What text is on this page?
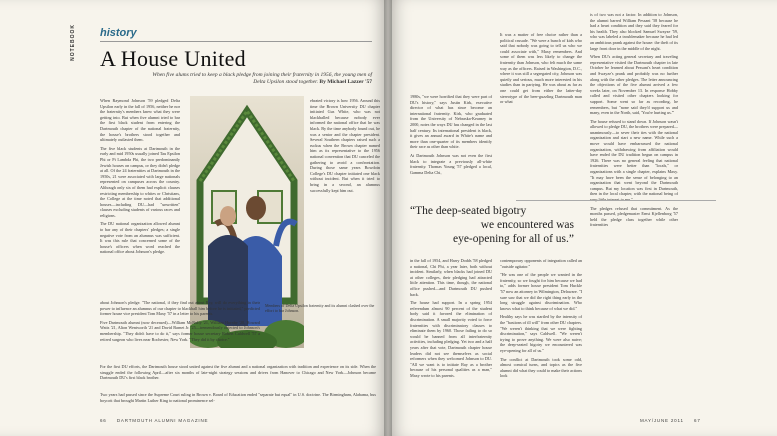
NOTEBOOK history
A House United
When five alums tried to keep a black pledge from joining their fraternity in 1956, the young men of Delta Upsilon stood together. By Michael Lazzer '57

When Raymond Johnson '59 pledged Delta Upsilon early in the fall of 1956, neither he nor the fraternity's members knew what they were getting into. But when five alumni tried to bar the first black student from entering the Dartmouth chapter of the national fraternity, the house's brothers stood together and ultimately outlasted them.

The five black students at Dartmouth in the early and mid 1950s usually joined Tau Epsilon Phi or Pi Lambda Phi, the two predominantly Jewish houses on campus, or they didn't pledge at all. Of the 24 fraternities at Dartmouth in the 1950s, 21 were associated with large nationals represented on campuses across the country. Although only six of them had explicit clauses restricting membership to whites or Christians, the College at the time noted that additional houses—including DU—had "unwritten" clauses excluding students of various races and religions.

The DU national organization allowed alumni to bar any of their chapters' pledges; a single negative vote from an alumnus was sufficient. It was this rule that concerned some of the house's officers when word reached the national office about Johnson's pledge.

ebrated victory is how 1956. Around this time the Brown University DU chapter initiated Gus White, who was not blackballed because nobody ever informed the national office that he was black. By the time anybody found out, he was a senior and the chapter president. Several Southern chapters raised such a ruckus when the Brown chapter named him as its representative to the 1956 national convention that DU canceled the gathering to avoid a confrontation. During those same years Bowdoin College's DU chapter initiated one black without incident. But when it tried to bring in a second, an alumnus successfully kept him out.

about Johnson's pledge. "The national, if they find out about Ray, will do everything in their power to influence an alumnus of our chapter to blackball him before he is initiated," predicted former house vice president Tom Maxy '57 in a letter to his parents.

Five Dartmouth alumni (now deceased)—William McNulty '21, William Hornby '20, Howard Watts '21, Alton Wentworth '21 and David Barnet Jr. '25—tremendously objected to Johnson's membership. "They didn't have to do it," says former house secretary Robert Caldwell '57 a retired surgeon who lives near Rochester, New York. "They did it by choice."

Members of Delta Upsilon fraternity and its alumni clashed over the effort to bar Johnson.

For the first DU efforts, the Dartmouth house stood united against the five alumni and a national organization with tradition and experience on its side. When the struggle ended the following April—after six months of late-night strategy sessions and drives from Hanover to Chicago and New York—Johnson became Dartmouth DU's first black brother.

Two years had passed since the Supreme Court ruling in Brown v. Board of Education ended "separate but equal" in U.S. doctrine. The Birmingham, Alabama, bus boycott that brought Martin Luther King to national prominence sel-

66 DARTMOUTH ALUMNI MAGAZINE

1980s, "we were horrified that they were part of DU's history," says Justin Kirk, executive director of what has since become an international fraternity. Kirk, who graduated from the University of Nebraska-Kearney in 2000, notes the ways DU has changed in the last half century. Its international president is black, it gives an annual award in White's name and more than one-quarter of its members identify their race as other than white.

At Dartmouth Johnson was not even the first black to integrate a previously all-white fraternity. Thomas Young '57 pledged a local, Gamma Delta Chi,

It was a matter of free choice rather than a political crusade. "We were a bunch of kids who said that nobody was going to tell us who we could associate with," Maxy remembers. And some of them was less likely to change the fraternity than Johnson, who felt much the same way as the officers. Raised in Washington, D.C., where it was still a segregated city, Johnson was quietly and serious, much more interested in his studies than in partying. He was about as far as one could get from either the latter-day stereotype of the beer-guzzling Dartmouth man or what

is of two was not a factor. In addition to Johnson, the alumni barred William Pessant '58 because he had a heart condition and they said they feared for his health. They also blocked Samuel Swayze '59, who was labeled a troublemaker because he had led an ambitious prank against the house: the theft of its large front door in the middle of the night.

When DU's acting general secretary and traveling representative visited the Dartmouth chapter in late October he learned about Pessant's heart condition and Swayze's prank and probably was no further along with the other pledges. The letter announcing the objections of the five alumni arrived a few weeks later, on November 13. In response Hobby called and visited other chapters looking for support. Some went so far as recording, he remembers, but "none said they'd support us and many, even in the North, said, 'You're hurting us.'"

The house refused to stand down. If Johnson wasn't allowed to pledge DU, the brothers were prepared—unanimously—to sever their ties with the national organization and start a new name. While such a move would have embarrassed the national organization, withdrawing from affiliation would have ended the DU tradition begun on campus in 1926. There was no general feeling that national fraternities were better than "locals," or organizations with a single chapter, explains Maxy. "It may have been the sense of belonging to an organization that went beyond the Dartmouth campus. But my location was first in Dartmouth, then in the local chapter, with the national being of

The pledges refused that commitment. As the months passed, pledgemaster Ernst Kjellenborg '57 held the pledge class together while other fraternities

“The deep-seated bigotry
we encountered was
eye-opening for all of us.”

in the fall of 1954, and Harry Dodds '58 pledged a national, Chi Phi, a year later, both without incident. Similarly, when blacks had joined DU at other colleges, their pledging had attracted little attention. This time, though, the national office pushed—and Dartmouth DU pushed back.

The house had support. In a spring 1954 referendum almost 90 percent of the student body said it favored the elimination of discrimination. A small majority voted to force fraternities with discriminatory clauses to eliminate them by 1960. Those failing to do so would be banned from all interfraternity activities, including pledging. Yet two and a half years after that vote, Dartmouth chapter house leaders did not see themselves as social reformers when they welcomed Johnson to DU. "All we want is to initiate Ray as a brother because of his personal qualities as a man," Maxy wrote to his parents.

contemporary opponents of integration called an "outside agitator."

"He was one of the people we wanted in the fraternity, so we fought for him because we had to," adds former house president Tom Huckle '57 now an attorney in Wilmington, Delaware. "I sure saw that we did the right thing early in the long struggle against discrimination. Who knows what to think because of what we did."

Healthy says he was startled by the intensity of the "bastions of ill will" from other DU chapters. "We weren't thinking that we were fighting discrimination," says Caldwell. "We weren't trying to prove anything. We were also naive; the deep-seated bigotry we encountered was eye-opening for all of us."

The conflict at Dartmouth took some odd, almost comical turns, and topics as the five alumni did what they could to make their actions look

MAY/JUNE 2011 67
